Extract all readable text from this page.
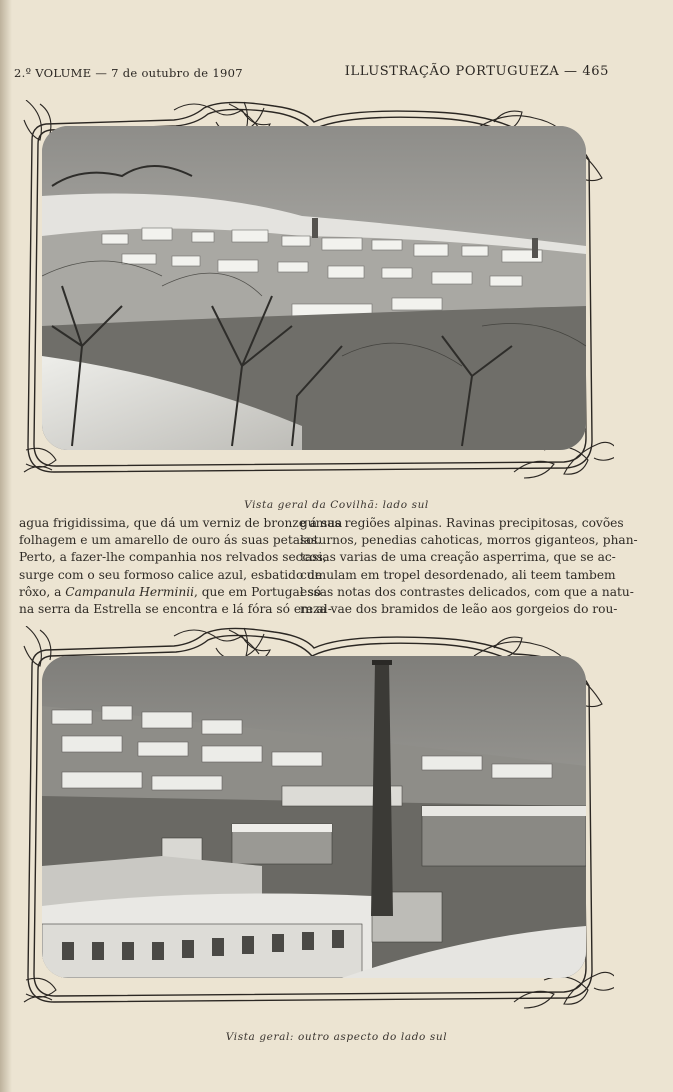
2.º VOLUME — 7 de outubro de 1907	ILLUSTRAÇÃO PORTUGUEZA — 465
Vista geral da Covilhã: lado sul
agua frigidissima, que dá um verniz de bronze á sua
folhagem e um amarello de ouro ás suas petalas.
Perto, a fazer-lhe companhia nos relvados seccos,
surge com o seu formoso calice azul, esbatido de
rôxo, a Campanula Herminii, que em Portugal só
na serra da Estrella se encontra e lá fóra só em al-
gumas regiões alpinas. Ravinas precipitosas, covões
soturnos, penedias cahoticas, morros giganteos, phan-
tasias varias de uma creação asperrima, que se ac-
cumulam em tropel desordenado, ali teem tambem
essas notas dos contrastes delicados, com que a natu-
reza vae dos bramidos de leão aos gorgeios do rou-
Vista geral: outro aspecto do lado sul
